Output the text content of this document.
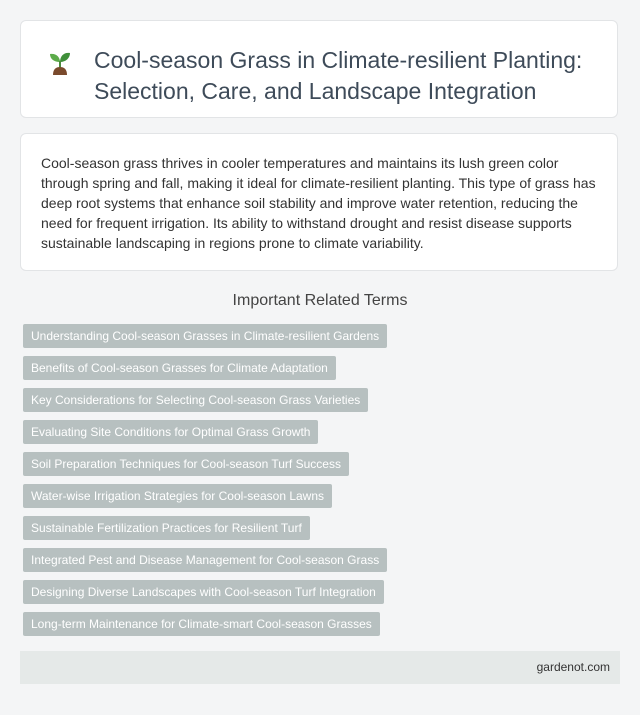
Cool-season Grass in Climate-resilient Planting: Selection, Care, and Landscape Integration

Cool-season grass thrives in cooler temperatures and maintains its lush green color through spring and fall, making it ideal for climate-resilient planting. This type of grass has deep root systems that enhance soil stability and improve water retention, reducing the need for frequent irrigation. Its ability to withstand drought and resist disease supports sustainable landscaping in regions prone to climate variability.

Important Related Terms
Understanding Cool-season Grasses in Climate-resilient Gardens
Benefits of Cool-season Grasses for Climate Adaptation
Key Considerations for Selecting Cool-season Grass Varieties
Evaluating Site Conditions for Optimal Grass Growth
Soil Preparation Techniques for Cool-season Turf Success
Water-wise Irrigation Strategies for Cool-season Lawns
Sustainable Fertilization Practices for Resilient Turf
Integrated Pest and Disease Management for Cool-season Grass
Designing Diverse Landscapes with Cool-season Turf Integration
Long-term Maintenance for Climate-smart Cool-season Grasses
gardenot.com
